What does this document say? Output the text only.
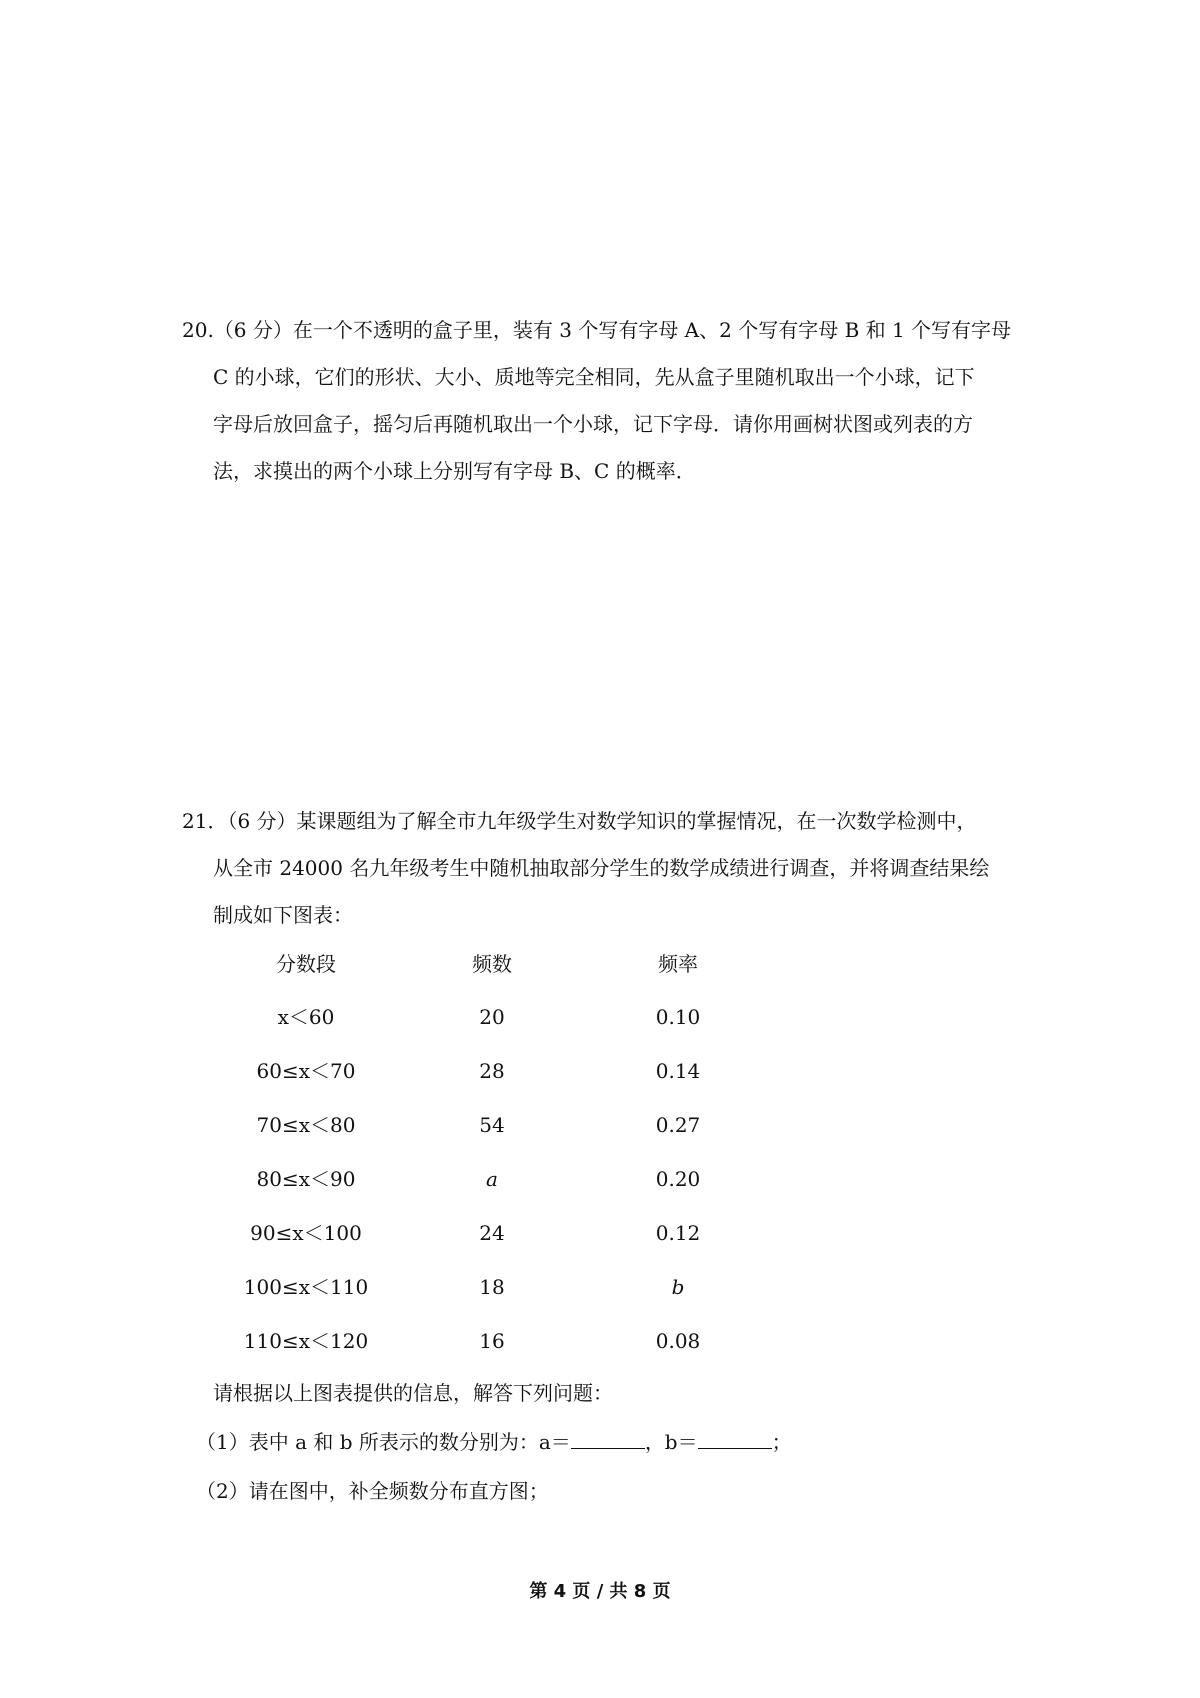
20.（6 分）在一个不透明的盒子里，装有 3 个写有字母 A、2 个写有字母 B 和 1 个写有字母
C 的小球，它们的形状、大小、质地等完全相同，先从盒子里随机取出一个小球，记下
字母后放回盒子，摇匀后再随机取出一个小球，记下字母．请你用画树状图或列表的方
法，求摸出的两个小球上分别写有字母 B、C 的概率．
21．（6 分）某课题组为了解全市九年级学生对数学知识的掌握情况，在一次数学检测中，
从全市 24000 名九年级考生中随机抽取部分学生的数学成绩进行调查，并将调查结果绘
制成如下图表：
分数段	频数	频率
x＜60	20	0.10
60≤x＜70	28	0.14
70≤x＜80	54	0.27
80≤x＜90	a	0.20
90≤x＜100	24	0.12
100≤x＜110	18	b
110≤x＜120	16	0.08
请根据以上图表提供的信息，解答下列问题：
（1）表中 a 和 b 所表示的数分别为：a＝	，b＝	；
（2）请在图中，补全频数分布直方图；
第 4 页 / 共 8 页
